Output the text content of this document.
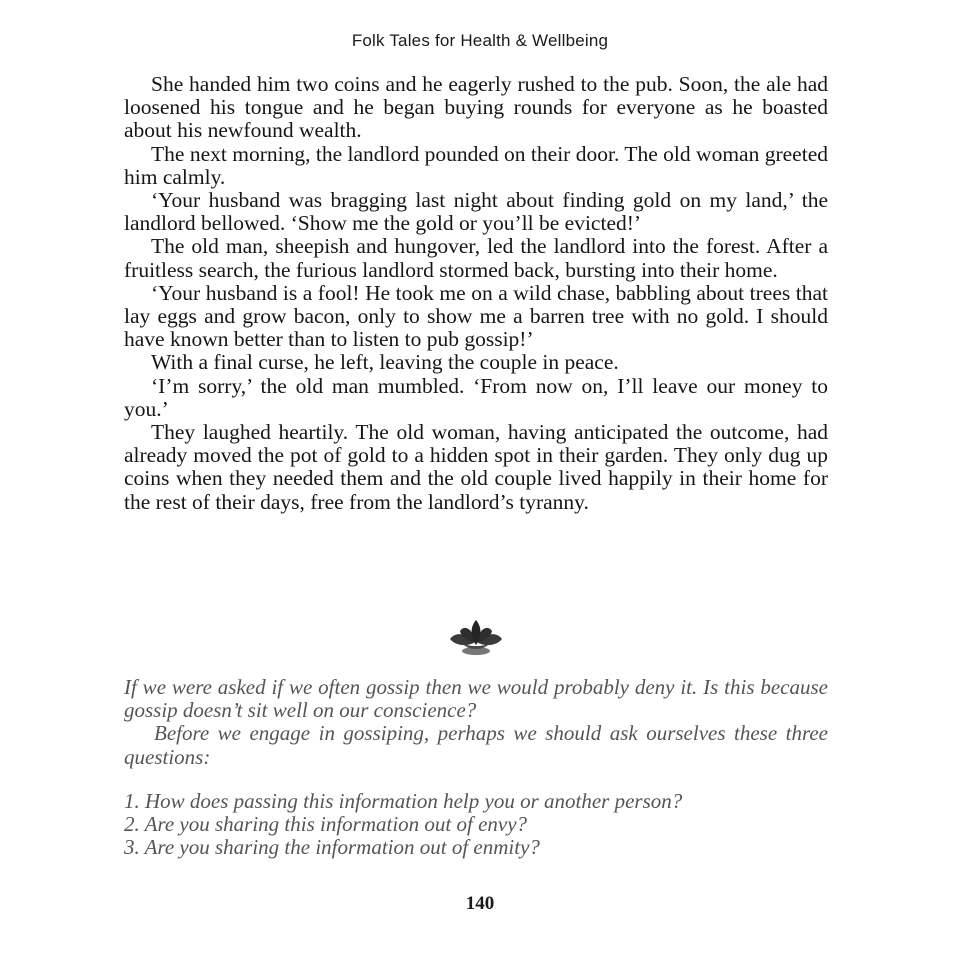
Folk Tales for Health & Wellbeing

She handed him two coins and he eagerly rushed to the pub. Soon, the ale had loosened his tongue and he began buying rounds for everyone as he boasted about his newfound wealth.

The next morning, the landlord pounded on their door. The old woman greeted him calmly.

‘Your husband was bragging last night about finding gold on my land,’ the landlord bellowed. ‘Show me the gold or you’ll be evicted!’

The old man, sheepish and hungover, led the landlord into the forest. After a fruitless search, the furious landlord stormed back, bursting into their home.

‘Your husband is a fool! He took me on a wild chase, babbling about trees that lay eggs and grow bacon, only to show me a barren tree with no gold. I should have known better than to listen to pub gossip!’

With a final curse, he left, leaving the couple in peace.

‘I’m sorry,’ the old man mumbled. ‘From now on, I’ll leave our money to you.’

They laughed heartily. The old woman, having anticipated the outcome, had already moved the pot of gold to a hidden spot in their garden. They only dug up coins when they needed them and the old couple lived happily in their home for the rest of their days, free from the landlord’s tyranny.

If we were asked if we often gossip then we would probably deny it. Is this because gossip doesn’t sit well on our conscience?

Before we engage in gossiping, perhaps we should ask ourselves these three questions:

1. How does passing this information help you or another person?
2. Are you sharing this information out of envy?
3. Are you sharing the information out of enmity?
140
